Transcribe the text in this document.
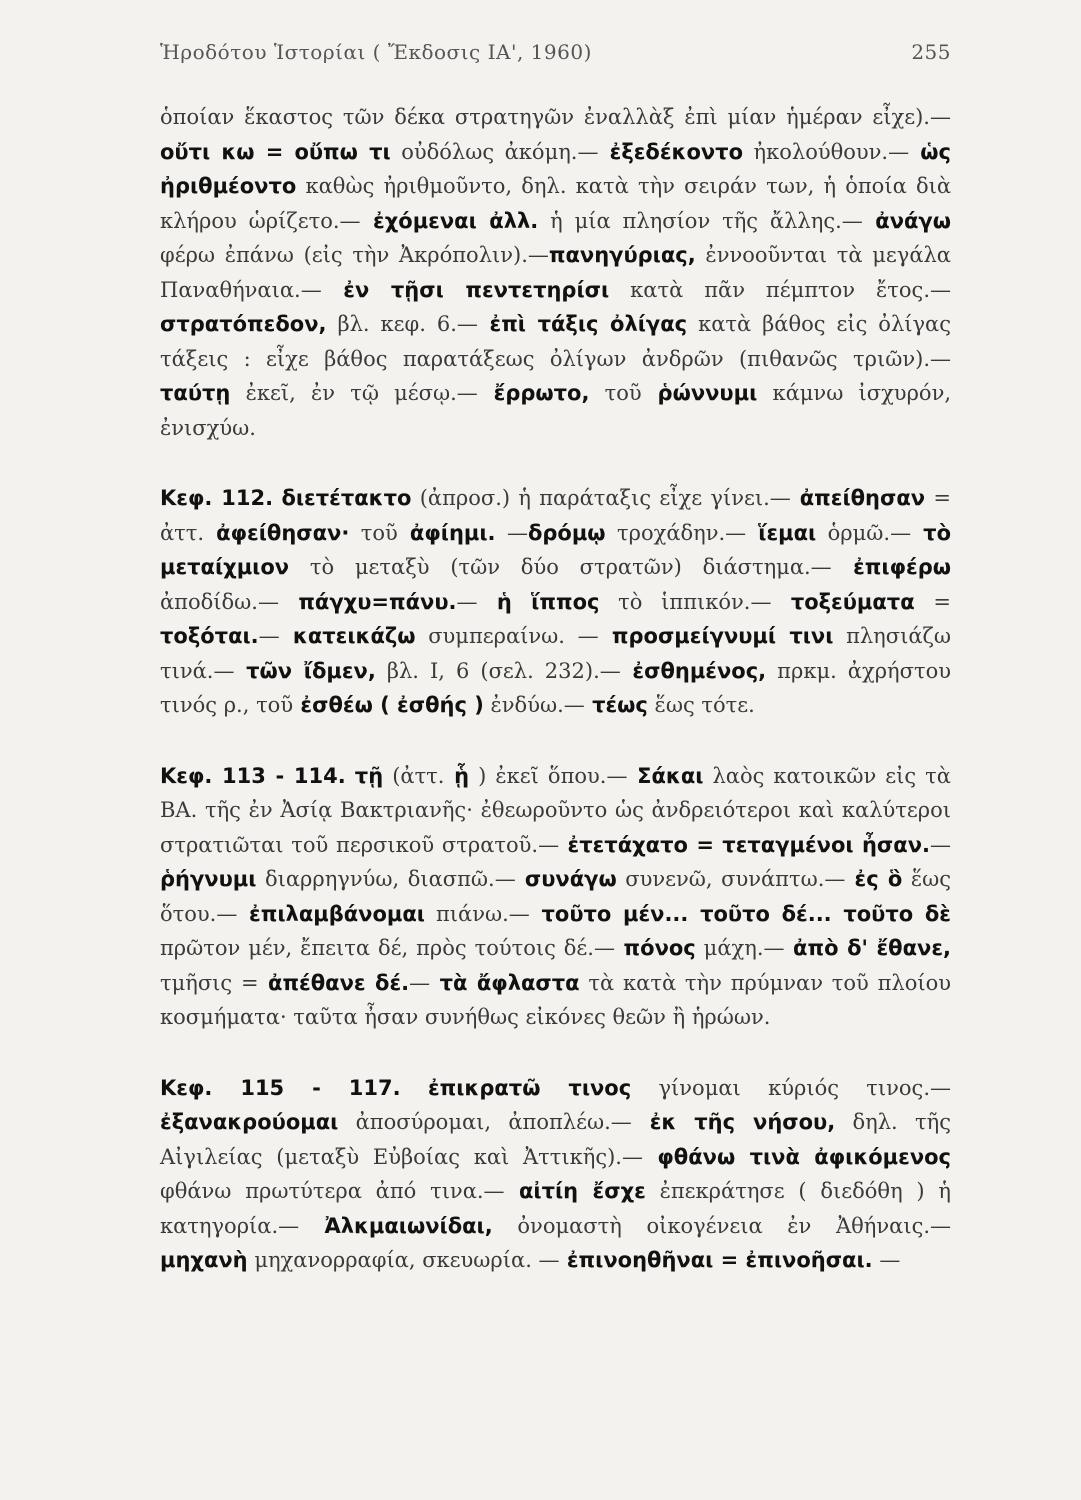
Ἡροδότου Ἱστορίαι ( Ἔκδοσις ΙΑ', 1960)	255

ὁποίαν ἕκαστος τῶν δέκα στρατηγῶν ἐναλλὰξ ἐπὶ μίαν ἡμέραν εἶχε).— οὔτι κω = οὔπω τι οὐδόλως ἀκόμη.— ἐξεδέκοντο ἠκολούθουν.— ὡς ἠριθμέοντο καθὼς ἠριθμοῦντο, δηλ. κατὰ τὴν σειράν των, ἡ ὁποία διὰ κλήρου ὡρίζετο.— ἐχόμεναι ἀλλ. ἡ μία πλησίον τῆς ἄλλης.— ἀνάγω φέρω ἐπάνω (εἰς τὴν Ἀκρόπολιν).—πανηγύριας, ἐννοοῦνται τὰ μεγάλα Παναθήναια.— ἐν τῇσι πεντετηρίσι κατὰ πᾶν πέμπτον ἔτος.— στρατόπεδον, βλ. κεφ. 6.— ἐπὶ τάξις ὀλίγας κατὰ βάθος εἰς ὀλίγας τάξεις : εἶχε βάθος παρατάξεως ὀλίγων ἀνδρῶν (πιθανῶς τριῶν).— ταύτῃ ἐκεῖ, ἐν τῷ μέσῳ.— ἔρρωτο, τοῦ ῥώννυμι κάμνω ἰσχυρόν, ἐνισχύω.

Κεφ. 112. διετέτακτο (ἀπροσ.) ἡ παράταξις εἶχε γίνει.— ἀπείθησαν = ἀττ. ἀφείθησαν· τοῦ ἀφίημι. —δρόμῳ τροχάδην.— ἵεμαι ὁρμῶ.— τὸ μεταίχμιον τὸ μεταξὺ (τῶν δύο στρατῶν) διάστημα.— ἐπιφέρω ἀποδίδω.— πάγχυ=πάνυ.— ἡ ἵππος τὸ ἱππικόν.— τοξεύματα = τοξόται.— κατεικάζω συμπεραίνω. — προσμείγνυμί τινι πλησιάζω τινά.— τῶν ἴδμεν, βλ. I, 6 (σελ. 232).— ἐσθημένος, πρκμ. ἀχρήστου τινός ρ., τοῦ ἐσθέω ( ἐσθής ) ἐνδύω.— τέως ἕως τότε.

Κεφ. 113 - 114. τῇ (ἀττ. ᾗ ) ἐκεῖ ὅπου.— Σάκαι λαὸς κατοικῶν εἰς τὰ ΒΑ. τῆς ἐν Ἀσίᾳ Βακτριανῆς· ἐθεωροῦντο ὡς ἀνδρειότεροι καὶ καλύτεροι στρατιῶται τοῦ περσικοῦ στρατοῦ.— ἐτετάχατο = τεταγμένοι ἦσαν.— ῥήγνυμι διαρρηγνύω, διασπῶ.— συνάγω συνενῶ, συνάπτω.— ἐς ὃ ἕως ὅτου.— ἐπιλαμβάνομαι πιάνω.— τοῦτο μέν... τοῦτο δέ... τοῦτο δὲ πρῶτον μέν, ἔπειτα δέ, πρὸς τούτοις δέ.— πόνος μάχη.— ἀπὸ δ' ἔθανε, τμῆσις = ἀπέθανε δέ.— τὰ ἄφλαστα τὰ κατὰ τὴν πρύμναν τοῦ πλοίου κοσμήματα· ταῦτα ἦσαν συνήθως εἰκόνες θεῶν ἢ ἡρώων.

Κεφ. 115 - 117. ἐπικρατῶ τινος γίνομαι κύριός τινος.— ἐξανακρούομαι ἀποσύρομαι, ἀποπλέω.— ἐκ τῆς νήσου, δηλ. τῆς Αἰγιλείας (μεταξὺ Εὐβοίας καὶ Ἀττικῆς).— φθάνω τινὰ ἀφικόμενος φθάνω πρωτύτερα ἀπό τινα.— αἰτίη ἔσχε ἐπεκράτησε ( διεδόθη ) ἡ κατηγορία.— Ἀλκμαιωνίδαι, ὀνομαστὴ οἰκογένεια ἐν Ἀθήναις.— μηχανὴ μηχανορραφία, σκευωρία. — ἐπινοηθῆναι = ἐπινοῆσαι. —
